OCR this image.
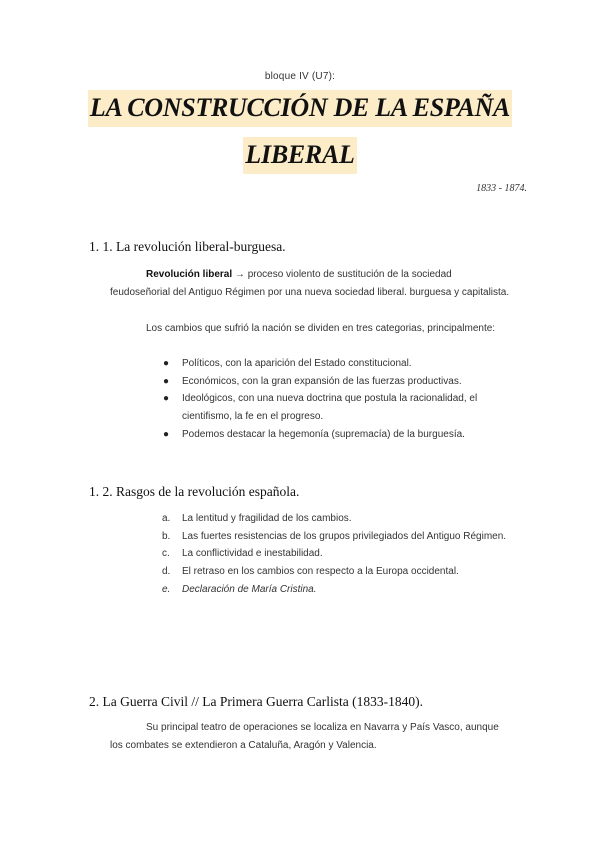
bloque IV (U7):
LA CONSTRUCCIÓN DE LA ESPAÑA
LIBERAL
1833 - 1874.
1. 1. La revolución liberal-burguesa.

Revolución liberal → proceso violento de sustitución de la sociedad feudoseñorial del Antiguo Régimen por una nueva sociedad liberal. burguesa y capitalista.

Los cambios que sufrió la nación se dividen en tres categorias, principalmente:

● Políticos, con la aparición del Estado constitucional.
● Económicos, con la gran expansión de las fuerzas productivas.
● Ideológicos, con una nueva doctrina que postula la racionalidad, el cientifismo, la fe en el progreso.
● Podemos destacar la hegemonía (supremacía) de la burguesía.
1. 2. Rasgos de la revolución española.
a. La lentitud y fragilidad de los cambios.
b. Las fuertes resistencias de los grupos privilegiados del Antiguo Régimen.
c. La conflictividad e inestabilidad.
d. El retraso en los cambios con respecto a la Europa occidental.
e. Declaración de María Cristina.
2. La Guerra Civil // La Primera Guerra Carlista (1833-1840).

Su principal teatro de operaciones se localiza en Navarra y País Vasco, aunque los combates se extendieron a Cataluña, Aragón y Valencia.
